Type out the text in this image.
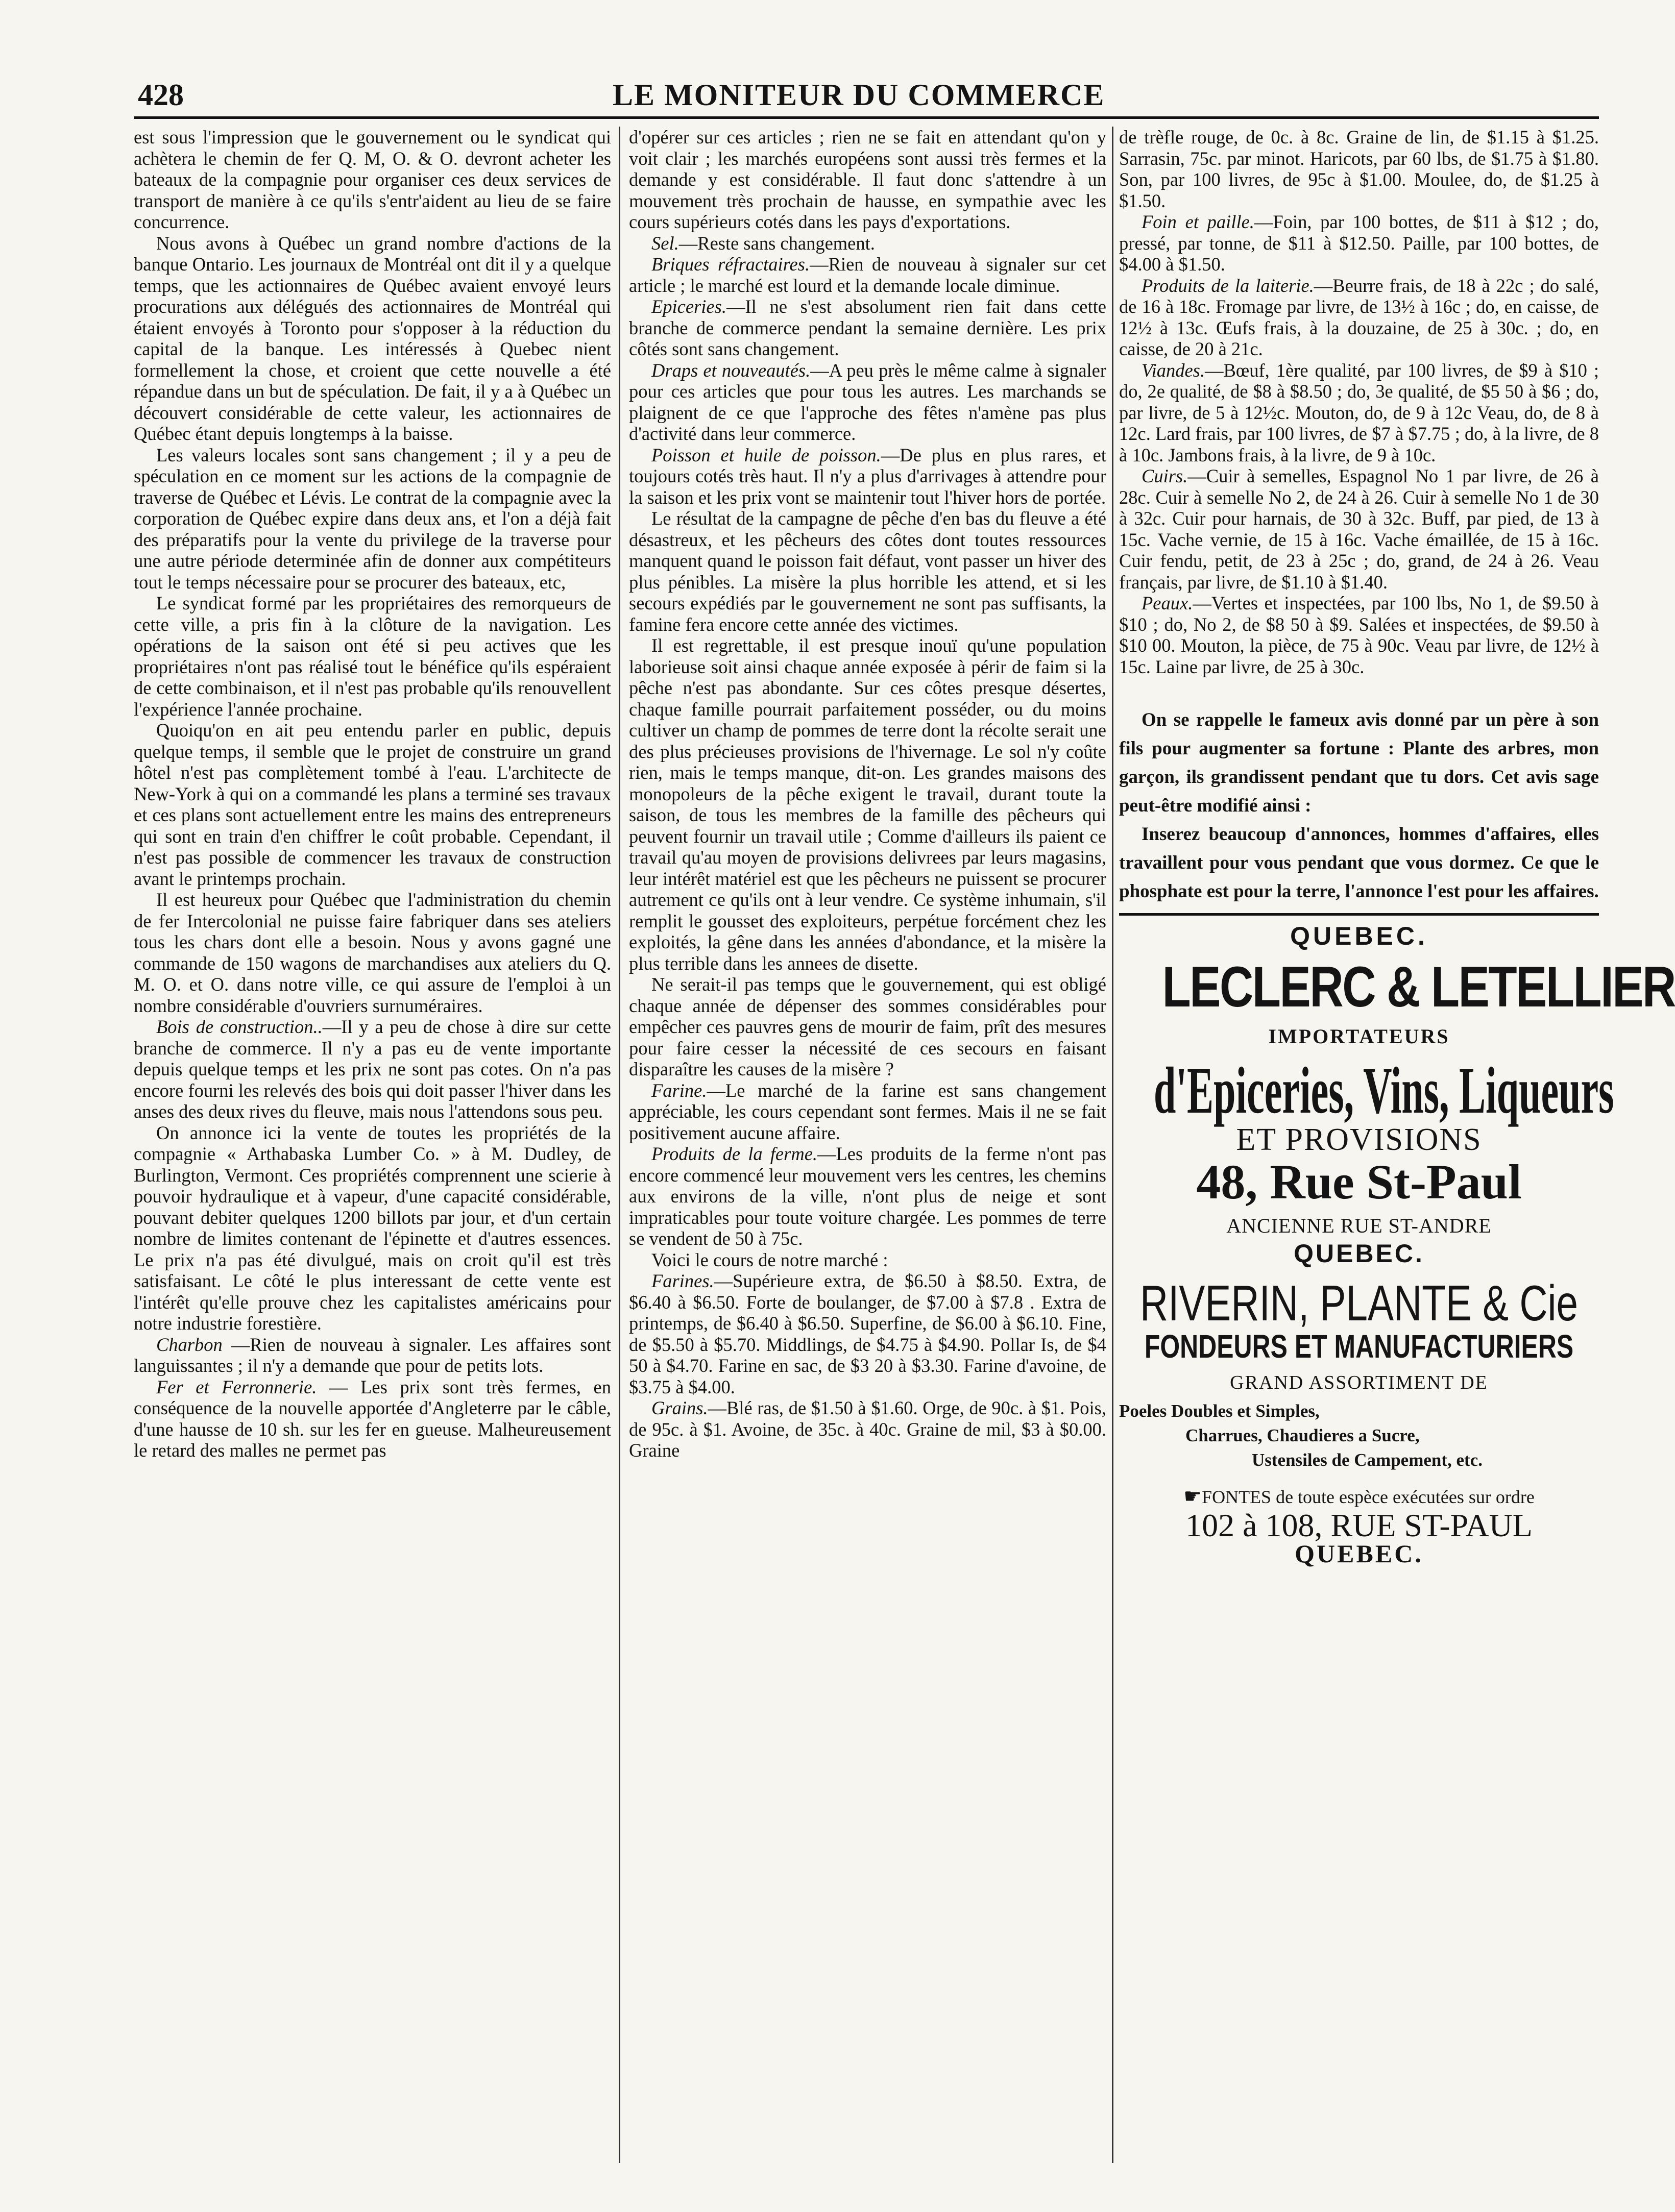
428	LE MONITEUR DU COMMERCE

est sous l'impression que le gouvernement ou le syndicat qui achètera le chemin de fer Q. M, O. & O. devront acheter les bateaux de la compagnie pour organiser ces deux services de transport de manière à ce qu'ils s'entr'aident au lieu de se faire concurrence.

Nous avons à Québec un grand nombre d'actions de la banque Ontario. Les journaux de Montréal ont dit il y a quelque temps, que les actionnaires de Québec avaient envoyé leurs procurations aux délégués des actionnaires de Montréal qui étaient envoyés à Toronto pour s'opposer à la réduction du capital de la banque. Les intéressés à Quebec nient formellement la chose, et croient que cette nouvelle a été répandue dans un but de spéculation. De fait, il y a à Québec un découvert considérable de cette valeur, les actionnaires de Québec étant depuis longtemps à la baisse.

Les valeurs locales sont sans changement ; il y a peu de spéculation en ce moment sur les actions de la compagnie de traverse de Québec et Lévis. Le contrat de la compagnie avec la corporation de Québec expire dans deux ans, et l'on a déjà fait des préparatifs pour la vente du privilege de la traverse pour une autre période determinée afin de donner aux compétiteurs tout le temps nécessaire pour se procurer des bateaux, etc,

Le syndicat formé par les propriétaires des remorqueurs de cette ville, a pris fin à la clôture de la navigation. Les opérations de la saison ont été si peu actives que les propriétaires n'ont pas réalisé tout le bénéfice qu'ils espéraient de cette combinaison, et il n'est pas probable qu'ils renouvellent l'expérience l'année prochaine.

Quoiqu'on en ait peu entendu parler en public, depuis quelque temps, il semble que le projet de construire un grand hôtel n'est pas complètement tombé à l'eau. L'architecte de New-York à qui on a commandé les plans a terminé ses travaux et ces plans sont actuellement entre les mains des entrepreneurs qui sont en train d'en chiffrer le coût probable. Cependant, il n'est pas possible de commencer les travaux de construction avant le printemps prochain.

Il est heureux pour Québec que l'administration du chemin de fer Intercolonial ne puisse faire fabriquer dans ses ateliers tous les chars dont elle a besoin. Nous y avons gagné une commande de 150 wagons de marchandises aux ateliers du Q. M. O. et O. dans notre ville, ce qui assure de l'emploi à un nombre considérable d'ouvriers surnuméraires.

Bois de construction..—Il y a peu de chose à dire sur cette branche de commerce. Il n'y a pas eu de vente importante depuis quelque temps et les prix ne sont pas cotes. On n'a pas encore fourni les relevés des bois qui doit passer l'hiver dans les anses des deux rives du fleuve, mais nous l'attendons sous peu.

On annonce ici la vente de toutes les propriétés de la compagnie « Arthabaska Lumber Co. » à M. Dudley, de Burlington, Vermont. Ces propriétés comprennent une scierie à pouvoir hydraulique et à vapeur, d'une capacité considérable, pouvant debiter quelques 1200 billots par jour, et d'un certain nombre de limites contenant de l'épinette et d'autres essences. Le prix n'a pas été divulgué, mais on croit qu'il est très satisfaisant. Le côté le plus interessant de cette vente est l'intérêt qu'elle prouve chez les capitalistes américains pour notre industrie forestière.

Charbon —Rien de nouveau à signaler. Les affaires sont languissantes ; il n'y a demande que pour de petits lots.

Fer et Ferronnerie. — Les prix sont très fermes, en conséquence de la nouvelle apportée d'Angleterre par le câble, d'une hausse de 10 sh. sur les fer en gueuse. Malheureusement le retard des malles ne permet pas

d'opérer sur ces articles ; rien ne se fait en attendant qu'on y voit clair ; les marchés européens sont aussi très fermes et la demande y est considérable. Il faut donc s'attendre à un mouvement très prochain de hausse, en sympathie avec les cours supérieurs cotés dans les pays d'exportations.

Sel.—Reste sans changement.

Briques réfractaires.—Rien de nouveau à signaler sur cet article ; le marché est lourd et la demande locale diminue.

Epiceries.—Il ne s'est absolument rien fait dans cette branche de commerce pendant la semaine dernière. Les prix côtés sont sans changement.

Draps et nouveautés.—A peu près le même calme à signaler pour ces articles que pour tous les autres. Les marchands se plaignent de ce que l'approche des fêtes n'amène pas plus d'activité dans leur commerce.

Poisson et huile de poisson.—De plus en plus rares, et toujours cotés très haut. Il n'y a plus d'arrivages à attendre pour la saison et les prix vont se maintenir tout l'hiver hors de portée.

Le résultat de la campagne de pêche d'en bas du fleuve a été désastreux, et les pêcheurs des côtes dont toutes ressources manquent quand le poisson fait défaut, vont passer un hiver des plus pénibles. La misère la plus horrible les attend, et si les secours expédiés par le gouvernement ne sont pas suffisants, la famine fera encore cette année des victimes.

Il est regrettable, il est presque inouï qu'une population laborieuse soit ainsi chaque année exposée à périr de faim si la pêche n'est pas abondante. Sur ces côtes presque désertes, chaque famille pourrait parfaitement posséder, ou du moins cultiver un champ de pommes de terre dont la récolte serait une des plus précieuses provisions de l'hivernage. Le sol n'y coûte rien, mais le temps manque, dit-on. Les grandes maisons des monopoleurs de la pêche exigent le travail, durant toute la saison, de tous les membres de la famille des pêcheurs qui peuvent fournir un travail utile ; Comme d'ailleurs ils paient ce travail qu'au moyen de provisions delivrees par leurs magasins, leur intérêt matériel est que les pêcheurs ne puissent se procurer autrement ce qu'ils ont à leur vendre. Ce système inhumain, s'il remplit le gousset des exploiteurs, perpétue forcément chez les exploités, la gêne dans les années d'abondance, et la misère la plus terrible dans les annees de disette.

Ne serait-il pas temps que le gouvernement, qui est obligé chaque année de dépenser des sommes considérables pour empêcher ces pauvres gens de mourir de faim, prît des mesures pour faire cesser la nécessité de ces secours en faisant disparaître les causes de la misère ?

Farine.—Le marché de la farine est sans changement appréciable, les cours cependant sont fermes. Mais il ne se fait positivement aucune affaire.

Produits de la ferme.—Les produits de la ferme n'ont pas encore commencé leur mouvement vers les centres, les chemins aux environs de la ville, n'ont plus de neige et sont impraticables pour toute voiture chargée. Les pommes de terre se vendent de 50 à 75c.

Voici le cours de notre marché :

Farines.—Supérieure extra, de $6.50 à $8.50. Extra, de $6.40 à $6.50. Forte de boulanger, de $7.00 à $7.8 . Extra de printemps, de $6.40 à $6.50. Superfine, de $6.00 à $6.10. Fine, de $5.50 à $5.70. Middlings, de $4.75 à $4.90. Pollar Is, de $4 50 à $4.70. Farine en sac, de $3 20 à $3.30. Farine d'avoine, de $3.75 à $4.00.

Grains.—Blé ras, de $1.50 à $1.60. Orge, de 90c. à $1. Pois, de 95c. à $1. Avoine, de 35c. à 40c. Graine de mil, $3 à $0.00. Graine

de trèfle rouge, de 0c. à 8c. Graine de lin, de $1.15 à $1.25. Sarrasin, 75c. par minot. Haricots, par 60 lbs, de $1.75 à $1.80. Son, par 100 livres, de 95c à $1.00. Moulee, do, de $1.25 à $1.50.

Foin et paille.—Foin, par 100 bottes, de $11 à $12 ; do, pressé, par tonne, de $11 à $12.50. Paille, par 100 bottes, de $4.00 à $1.50.

Produits de la laiterie.—Beurre frais, de 18 à 22c ; do salé, de 16 à 18c. Fromage par livre, de 13½ à 16c ; do, en caisse, de 12½ à 13c. Œufs frais, à la douzaine, de 25 à 30c. ; do, en caisse, de 20 à 21c.

Viandes.—Bœuf, 1ère qualité, par 100 livres, de $9 à $10 ; do, 2e qualité, de $8 à $8.50 ; do, 3e qualité, de $5 50 à $6 ; do, par livre, de 5 à 12½c. Mouton, do, de 9 à 12c Veau, do, de 8 à 12c. Lard frais, par 100 livres, de $7 à $7.75 ; do, à la livre, de 8 à 10c. Jambons frais, à la livre, de 9 à 10c.

Cuirs.—Cuir à semelles, Espagnol No 1 par livre, de 26 à 28c. Cuir à semelle No 2, de 24 à 26. Cuir à semelle No 1 de 30 à 32c. Cuir pour harnais, de 30 à 32c. Buff, par pied, de 13 à 15c. Vache vernie, de 15 à 16c. Vache émaillée, de 15 à 16c. Cuir fendu, petit, de 23 à 25c ; do, grand, de 24 à 26. Veau français, par livre, de $1.10 à $1.40.

Peaux.—Vertes et inspectées, par 100 lbs, No 1, de $9.50 à $10 ; do, No 2, de $8 50 à $9. Salées et inspectées, de $9.50 à $10 00. Mouton, la pièce, de 75 à 90c. Veau par livre, de 12½ à 15c. Laine par livre, de 25 à 30c.

On se rappelle le fameux avis donné par un père à son fils pour augmenter sa fortune : Plante des arbres, mon garçon, ils grandissent pendant que tu dors. Cet avis sage peut-être modifié ainsi :

Inserez beaucoup d'annonces, hommes d'affaires, elles travaillent pour vous pendant que vous dormez. Ce que le phosphate est pour la terre, l'annonce l'est pour les affaires.

QUEBEC.
LECLERC & LETELLIER
IMPORTATEURS
d'Epiceries, Vins, Liqueurs
ET PROVISIONS
48, Rue St-Paul
ANCIENNE RUE ST-ANDRE
QUEBEC.
RIVERIN, PLANTE & Cie
FONDEURS ET MANUFACTURIERS
GRAND ASSORTIMENT DE
Poeles Doubles et Simples,
Charrues, Chaudieres a Sucre,
Ustensiles de Campement, etc.
☛FONTES de toute espèce exécutées sur ordre
102 à 108, RUE ST-PAUL
QUEBEC.
